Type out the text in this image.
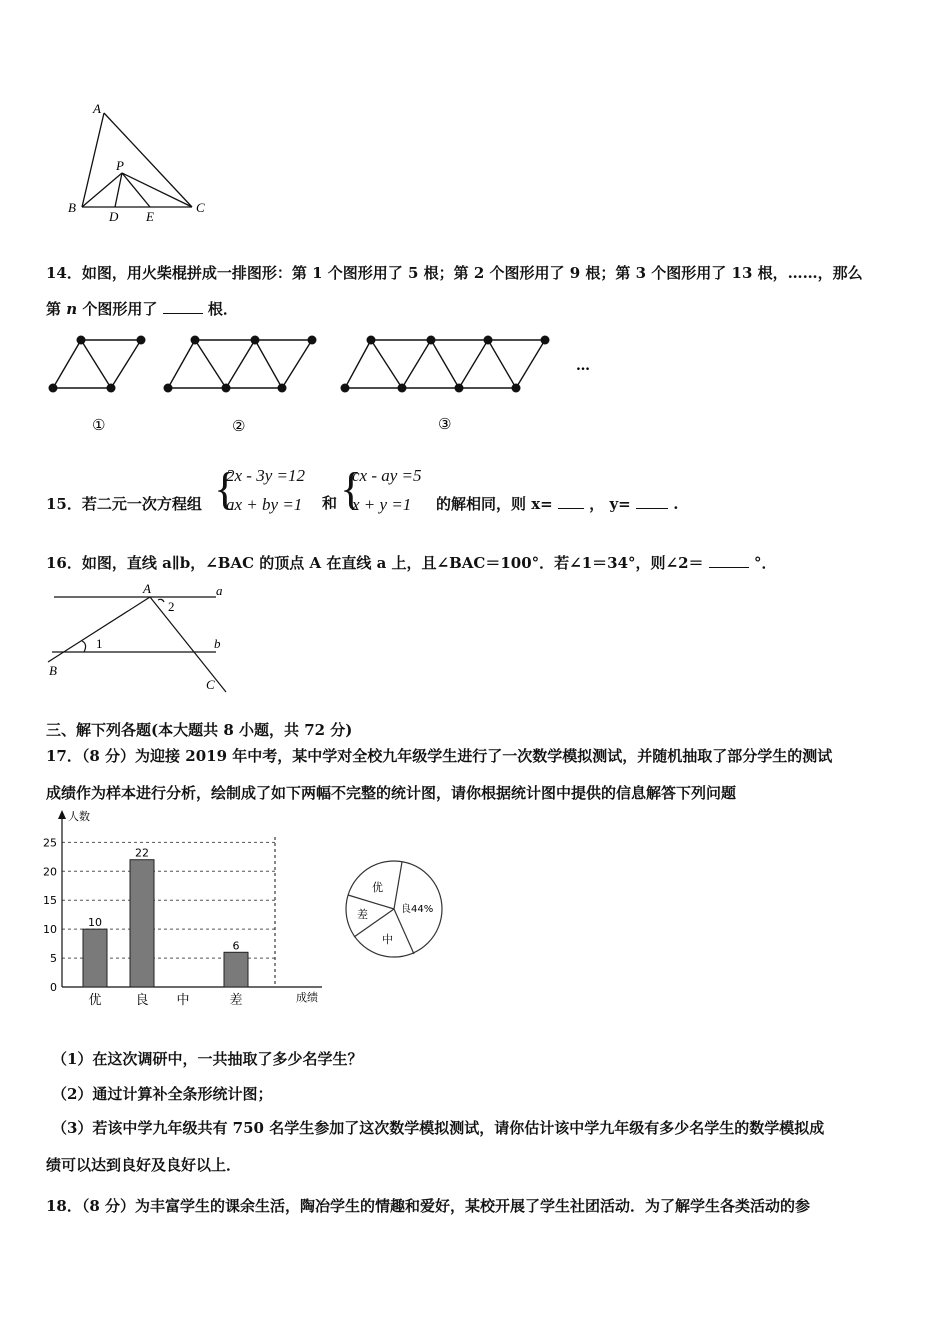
A
P
B
D E
C
14．如图，用火柴棍拼成一排图形：第 1 个图形用了 5 根；第 2 个图形用了 9 根；第 3 个图形用了 13 根，……，那么
第 n 个图形用了	根．
①	②	③
…
15．若二元一次方程组 {
2x - 3y =12
ax + by =1 和 {
cx - ay =5
x + y =1 的解相同，则 x= ， y=	.
16．如图，直线 a∥b，∠BAC 的顶点 A 在直线 a 上，且∠BAC＝100°．若∠1＝34°，则∠2＝	°．
A	a
2
b
1
B
C
三、解下列各题(本大题共 8 小题，共 72 分)
17．（8 分）为迎接 2019 年中考，某中学对全校九年级学生进行了一次数学模拟测试，并随机抽取了部分学生的测试
成绩作为样本进行分析，绘制成了如下两幅不完整的统计图，请你根据统计图中提供的信息解答下列问题
0
5
10
15
20
25
10
22
6
优	良 中	差
人数
成绩
优
差
中
良44%
（1）在这次调研中，一共抽取了多少名学生？
（2）通过计算补全条形统计图；
（3）若该中学九年级共有 750 名学生参加了这次数学模拟测试，请你估计该中学九年级有多少名学生的数学模拟成
绩可以达到良好及良好以上．
18．（8 分）为丰富学生的课余生活，陶冶学生的情趣和爱好，某校开展了学生社团活动．为了解学生各类活动的参
